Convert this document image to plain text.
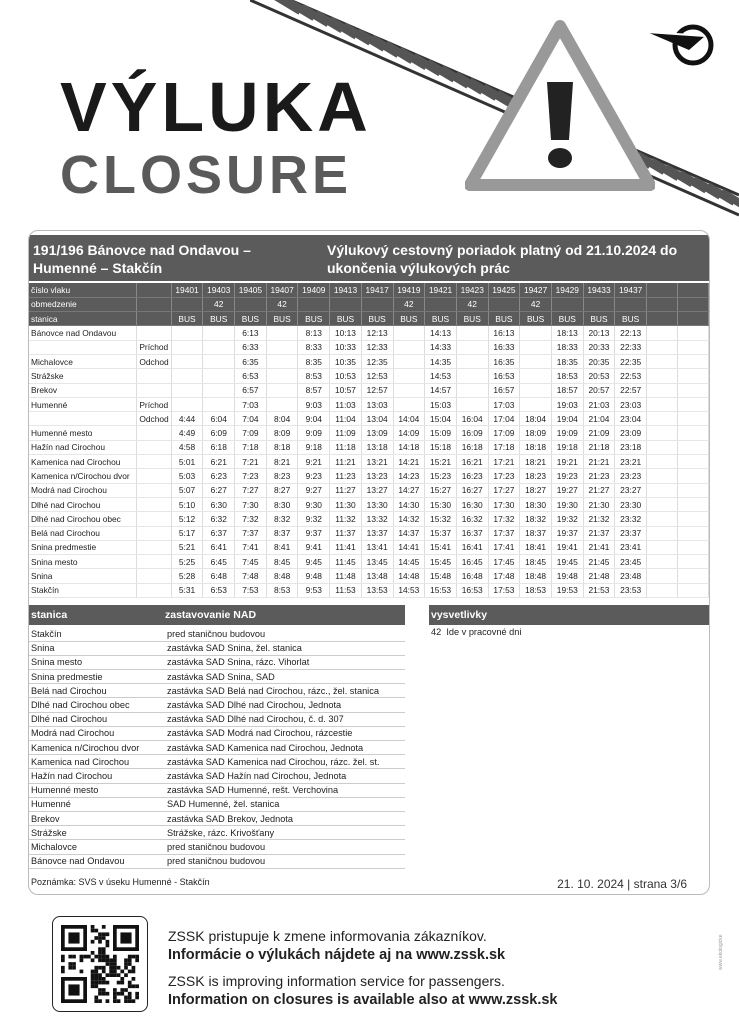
VÝLUKA
CLOSURE
191/196 Bánovce nad Ondavou – Humenné – Stakčín
Výlukový cestovný poriadok platný od 21.10.2024 do ukončenia výlukových prác
číslo vlaku		19401	19403	19405	19407	19409	19413	19417	19419	19421	19423	19425	19427	19429	19433	19437		
obmedzenie			42		42				42		42		42					
stanica		BUS	BUS	BUS	BUS	BUS	BUS	BUS	BUS	BUS	BUS	BUS	BUS	BUS	BUS	BUS		
Bánovce nad Ondavou				6:13		8:13	10:13	12:13		14:13		16:13		18:13	20:13	22:13		
	Príchod			6:33		8:33	10:33	12:33		14:33		16:33		18:33	20:33	22:33		
Michalovce	Odchod			6:35		8:35	10:35	12:35		14:35		16:35		18:35	20:35	22:35		
Strážske				6:53		8:53	10:53	12:53		14:53		16:53		18:53	20:53	22:53		
Brekov				6:57		8:57	10:57	12:57		14:57		16:57		18:57	20:57	22:57		
Humenné	Príchod			7:03		9:03	11:03	13:03		15:03		17:03		19:03	21:03	23:03		
	Odchod	4:44	6:04	7:04	8:04	9:04	11:04	13:04	14:04	15:04	16:04	17:04	18:04	19:04	21:04	23:04		
Humenné mesto		4:49	6:09	7:09	8:09	9:09	11:09	13:09	14:09	15:09	16:09	17:09	18:09	19:09	21:09	23:09		
Hažín nad Cirochou		4:58	6:18	7:18	8:18	9:18	11:18	13:18	14:18	15:18	16:18	17:18	18:18	19:18	21:18	23:18		
Kamenica nad Cirochou		5:01	6:21	7:21	8:21	9:21	11:21	13:21	14:21	15:21	16:21	17:21	18:21	19:21	21:21	23:21		
Kamenica n/Cirochou dvor		5:03	6:23	7:23	8:23	9:23	11:23	13:23	14:23	15:23	16:23	17:23	18:23	19:23	21:23	23:23		
Modrá nad Cirochou		5:07	6:27	7:27	8:27	9:27	11:27	13:27	14:27	15:27	16:27	17:27	18:27	19:27	21:27	23:27		
Dlhé nad Cirochou		5:10	6:30	7:30	8:30	9:30	11:30	13:30	14:30	15:30	16:30	17:30	18:30	19:30	21:30	23:30		
Dlhé nad Cirochou obec		5:12	6:32	7:32	8:32	9:32	11:32	13:32	14:32	15:32	16:32	17:32	18:32	19:32	21:32	23:32		
Belá nad Cirochou		5:17	6:37	7:37	8:37	9:37	11:37	13:37	14:37	15:37	16:37	17:37	18:37	19:37	21:37	23:37		
Snina predmestie		5:21	6:41	7:41	8:41	9:41	11:41	13:41	14:41	15:41	16:41	17:41	18:41	19:41	21:41	23:41		
Snina mesto		5:25	6:45	7:45	8:45	9:45	11:45	13:45	14:45	15:45	16:45	17:45	18:45	19:45	21:45	23:45		
Snina		5:28	6:48	7:48	8:48	9:48	11:48	13:48	14:48	15:48	16:48	17:48	18:48	19:48	21:48	23:48		
Stakčín		5:31	6:53	7:53	8:53	9:53	11:53	13:53	14:53	15:53	16:53	17:53	18:53	19:53	21:53	23:53		
stanica	zastavovanie NAD	vysvetlivky
Stakčín	pred staničnou budovou
Snina	zastávka SAD Snina, žel. stanica
Snina mesto	zastávka SAD Snina, rázc. Vihorlat
Snina predmestie	zastávka SAD Snina, SAD
Belá nad Cirochou	zastávka SAD Belá nad Cirochou, rázc., žel. stanica
Dlhé nad Cirochou obec	zastávka SAD Dlhé nad Cirochou, Jednota
Dlhé nad Cirochou	zastávka SAD Dlhé nad Cirochou, č. d. 307
Modrá nad Cirochou	zastávka SAD Modrá nad Cirochou, rázcestie
Kamenica n/Cirochou dvor	zastávka SAD Kamenica nad Cirochou, Jednota
Kamenica nad Cirochou	zastávka SAD Kamenica nad Cirochou, rázc. žel. st.
Hažín nad Cirochou	zastávka SAD Hažín nad Cirochou, Jednota
Humenné mesto	zastávka SAD Humenné, rešt. Verchovina
Humenné	SAD Humenné, žel. stanica
Brekov	zastávka SAD Brekov, Jednota
Strážske	Strážske, rázc. Krivošťany
Michalovce	pred staničnou budovou
Bánovce nad Ondavou	pred staničnou budovou
42 Ide v pracovné dni
Poznámka: SVS v úseku Humenné - Stakčín	21. 10. 2024 | strana 3/6
ZSSK pristupuje k zmene informovania zákazníkov.
Informácie o výlukách nájdete aj na www.zssk.sk
ZSSK is improving information service for passengers.
Information on closures is available also at www.zssk.sk
www.ekologicke
